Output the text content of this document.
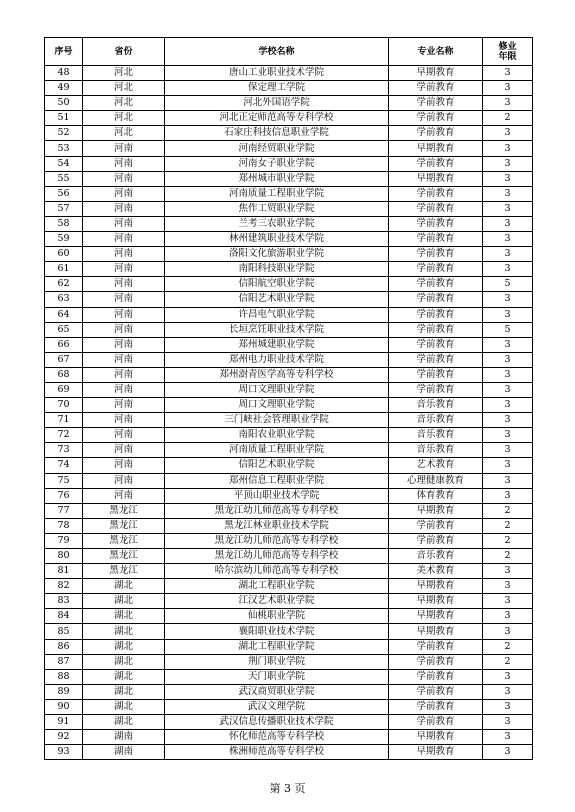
序号	省份	学校名称	专业名称	修业
年限
48	河北	唐山工业职业技术学院	早期教育	3
49	河北	保定理工学院	学前教育	3
50	河北	河北外国语学院	学前教育	3
51	河北	河北正定师范高等专科学校	学前教育	2
52	河北	石家庄科技信息职业学院	学前教育	3
53	河南	河南经贸职业学院	早期教育	3
54	河南	河南女子职业学院	学前教育	3
55	河南	郑州城市职业学院	早期教育	3
56	河南	河南质量工程职业学院	学前教育	3
57	河南	焦作工贸职业学院	学前教育	3
58	河南	兰考三农职业学院	学前教育	3
59	河南	林州建筑职业技术学院	学前教育	3
60	河南	洛阳文化旅游职业学院	学前教育	3
61	河南	南阳科技职业学院	学前教育	3
62	河南	信阳航空职业学院	学前教育	5
63	河南	信阳艺术职业学院	学前教育	3
64	河南	许昌电气职业学院	学前教育	3
65	河南	长垣烹饪职业技术学院	学前教育	5
66	河南	郑州城建职业学院	学前教育	3
67	河南	郑州电力职业技术学院	学前教育	3
68	河南	郑州澍青医学高等专科学校	学前教育	3
69	河南	周口文理职业学院	学前教育	3
70	河南	周口文理职业学院	音乐教育	3
71	河南	三门峡社会管理职业学院	音乐教育	3
72	河南	南阳农业职业学院	音乐教育	3
73	河南	河南质量工程职业学院	音乐教育	3
74	河南	信阳艺术职业学院	艺术教育	3
75	河南	郑州信息工程职业学院	心理健康教育	3
76	河南	平顶山职业技术学院	体育教育	3
77	黑龙江	黑龙江幼儿师范高等专科学校	早期教育	2
78	黑龙江	黑龙江林业职业技术学院	学前教育	2
79	黑龙江	黑龙江幼儿师范高等专科学校	学前教育	2
80	黑龙江	黑龙江幼儿师范高等专科学校	音乐教育	2
81	黑龙江	哈尔滨幼儿师范高等专科学校	美术教育	3
82	湖北	湖北工程职业学院	早期教育	3
83	湖北	江汉艺术职业学院	早期教育	3
84	湖北	仙桃职业学院	早期教育	3
85	湖北	襄阳职业技术学院	早期教育	3
86	湖北	湖北工程职业学院	学前教育	2
87	湖北	荆门职业学院	学前教育	2
88	湖北	天门职业学院	学前教育	3
89	湖北	武汉商贸职业学院	学前教育	3
90	湖北	武汉文理学院	学前教育	3
91	湖北	武汉信息传播职业技术学院	学前教育	3
92	湖南	怀化师范高等专科学校	早期教育	3
93	湖南	株洲师范高等专科学校	早期教育	3
第 3 页
